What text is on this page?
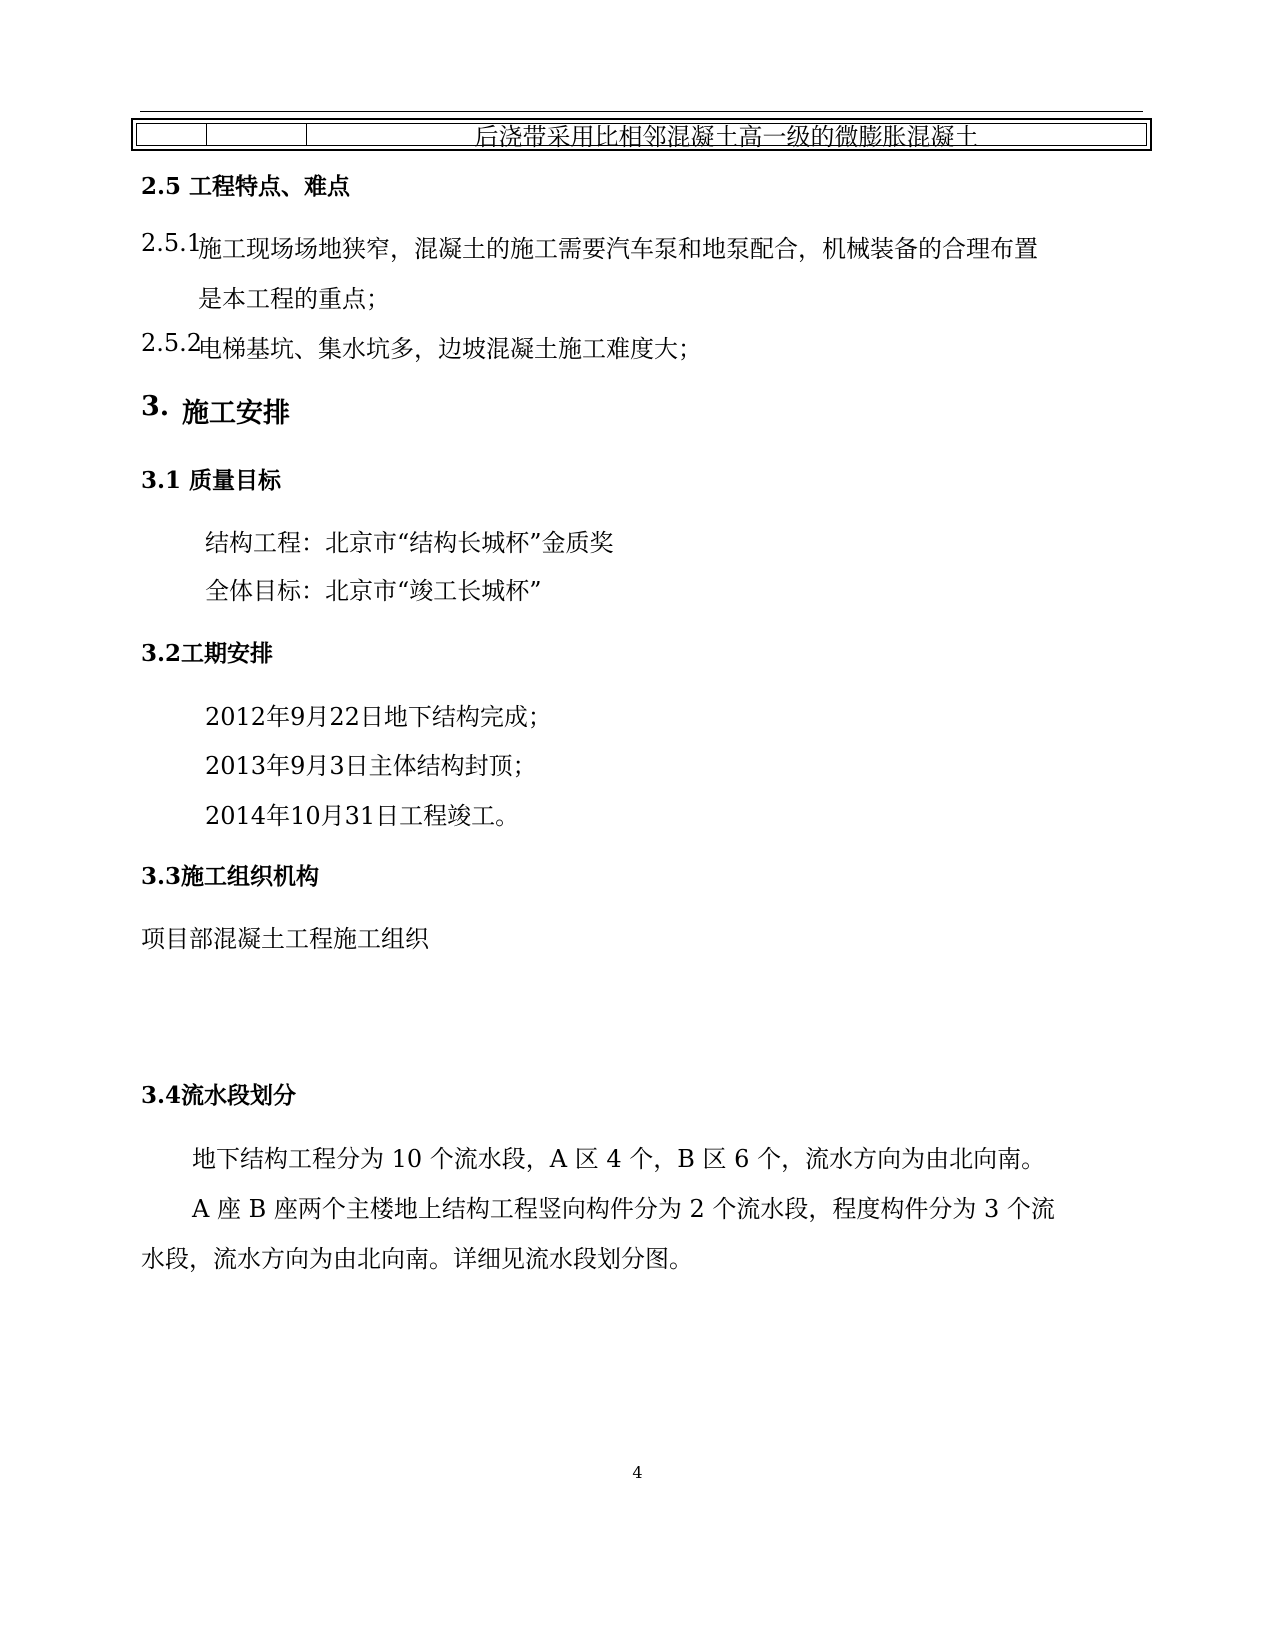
后浇带采用比相邻混凝土高一级的微膨胀混凝土
2.5 工程特点、难点
2.5.1
施工现场场地狭窄，混凝土的施工需要汽车泵和地泵配合，机械装备的合理布置
是本工程的重点；
2.5.2
电梯基坑、集水坑多，边坡混凝土施工难度大；
3. 施工安排
3.1 质量目标
结构工程：北京市“结构长城杯”金质奖
全体目标：北京市“竣工长城杯”
3.2工期安排
2012年9月22日地下结构完成；
2013年9月3日主体结构封顶；
2014年10月31日工程竣工。
3.3施工组织机构
项目部混凝土工程施工组织
3.4流水段划分
地下结构工程分为 10 个流水段，A 区 4 个，B 区 6 个，流水方向为由北向南。
A 座 B 座两个主楼地上结构工程竖向构件分为 2 个流水段，程度构件分为 3 个流
水段，流水方向为由北向南。详细见流水段划分图。
4
